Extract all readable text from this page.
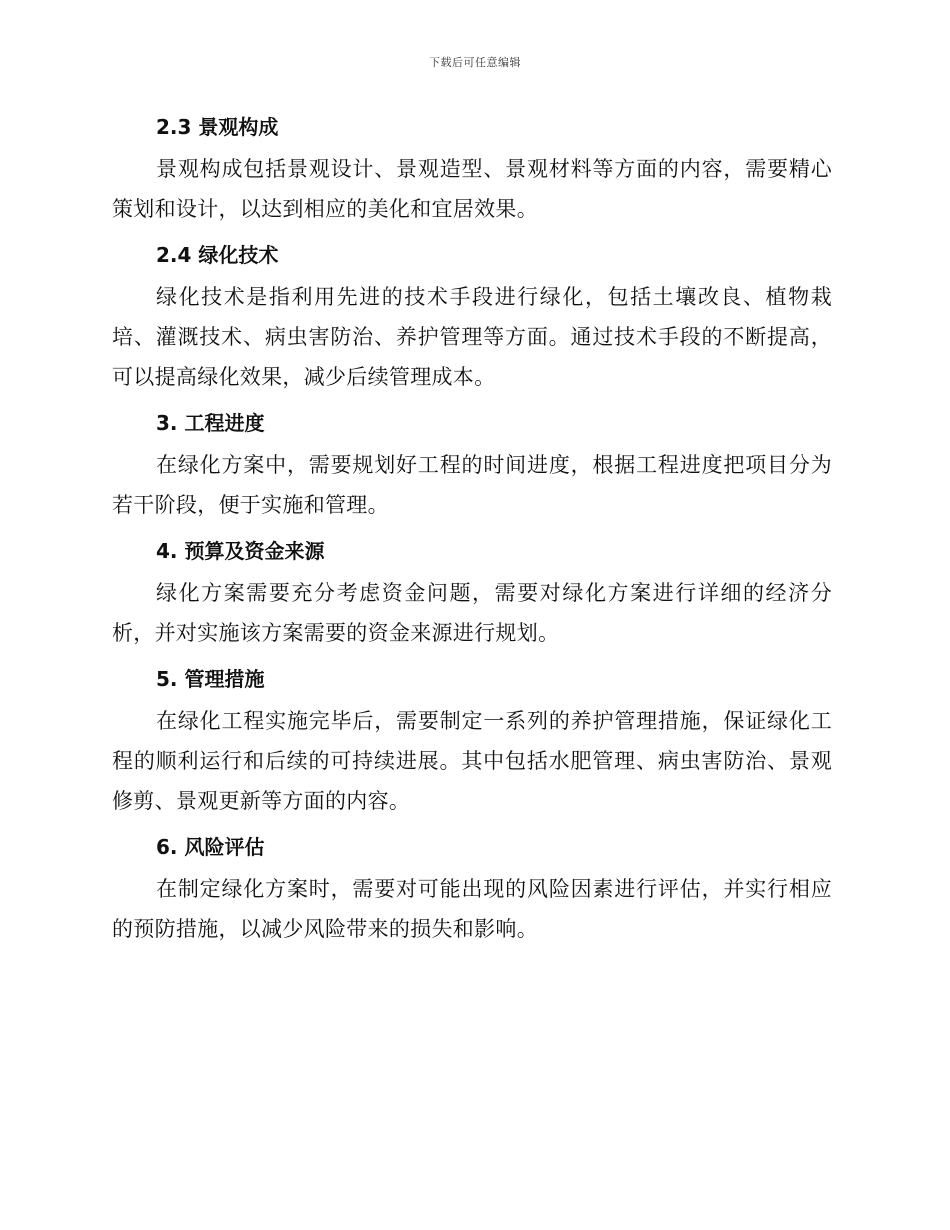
下载后可任意编辑
2.3 景观构成

景观构成包括景观设计、景观造型、景观材料等方面的内容，需要精心策划和设计，以达到相应的美化和宜居效果。

2.4 绿化技术

绿化技术是指利用先进的技术手段进行绿化，包括土壤改良、植物栽培、灌溉技术、病虫害防治、养护管理等方面。通过技术手段的不断提高，可以提高绿化效果，减少后续管理成本。

3. 工程进度

在绿化方案中，需要规划好工程的时间进度，根据工程进度把项目分为若干阶段，便于实施和管理。

4. 预算及资金来源

绿化方案需要充分考虑资金问题，需要对绿化方案进行详细的经济分析，并对实施该方案需要的资金来源进行规划。

5. 管理措施

在绿化工程实施完毕后，需要制定一系列的养护管理措施，保证绿化工程的顺利运行和后续的可持续进展。其中包括水肥管理、病虫害防治、景观修剪、景观更新等方面的内容。

6. 风险评估

在制定绿化方案时，需要对可能出现的风险因素进行评估，并实行相应的预防措施，以减少风险带来的损失和影响。
